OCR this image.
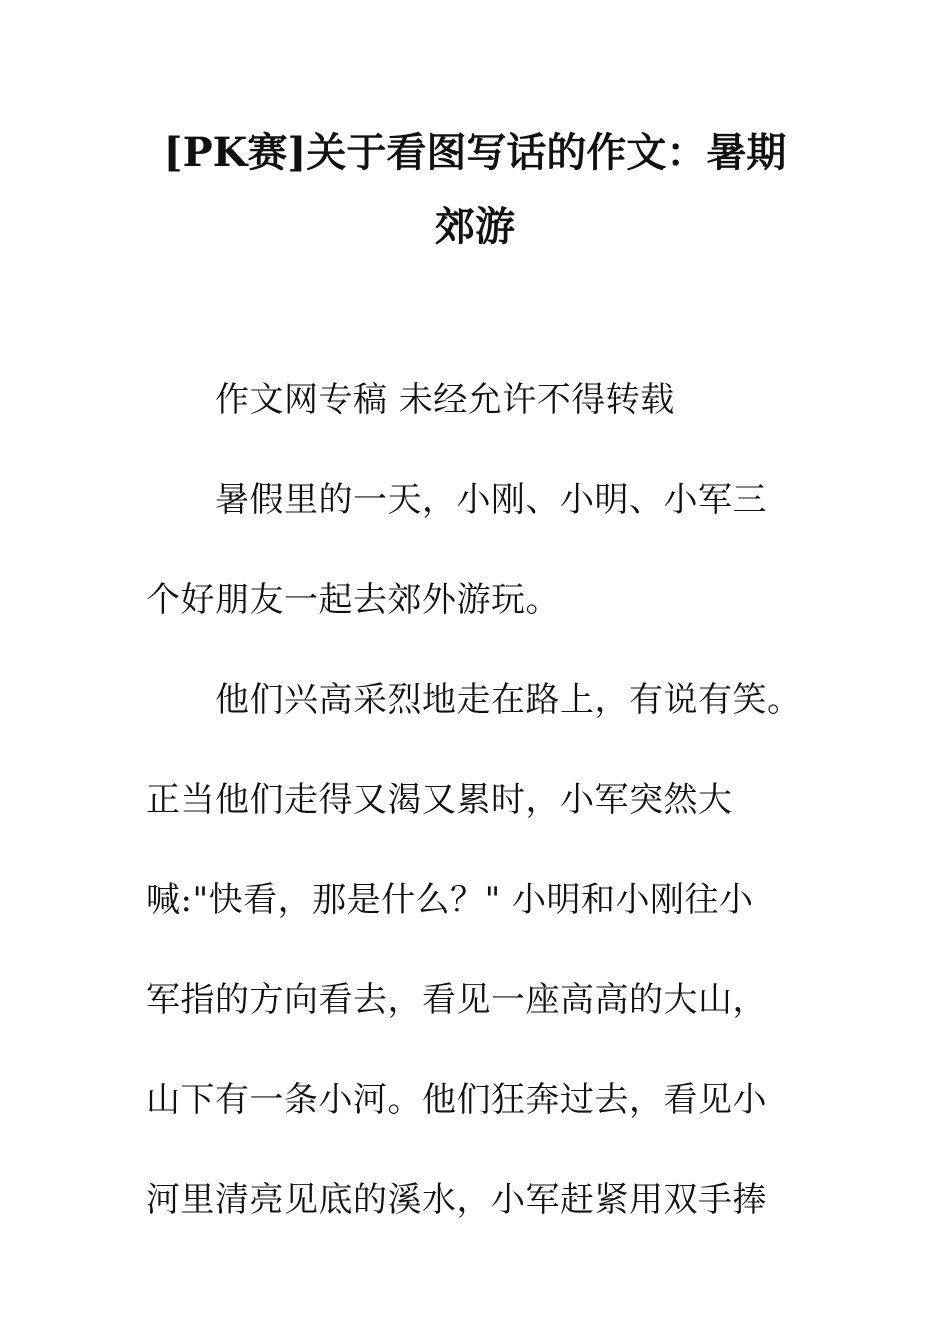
[PK赛]关于看图写话的作文：暑期
郊游
作文网专稿 未经允许不得转载
暑假里的一天，小刚、小明、小军三
个好朋友一起去郊外游玩。
他们兴高采烈地走在路上，有说有笑。
正当他们走得又渴又累时，小军突然大
喊:"快看，那是什么？" 小明和小刚往小
军指的方向看去，看见一座高高的大山，
山下有一条小河。他们狂奔过去，看见小
河里清亮见底的溪水，小军赶紧用双手捧
